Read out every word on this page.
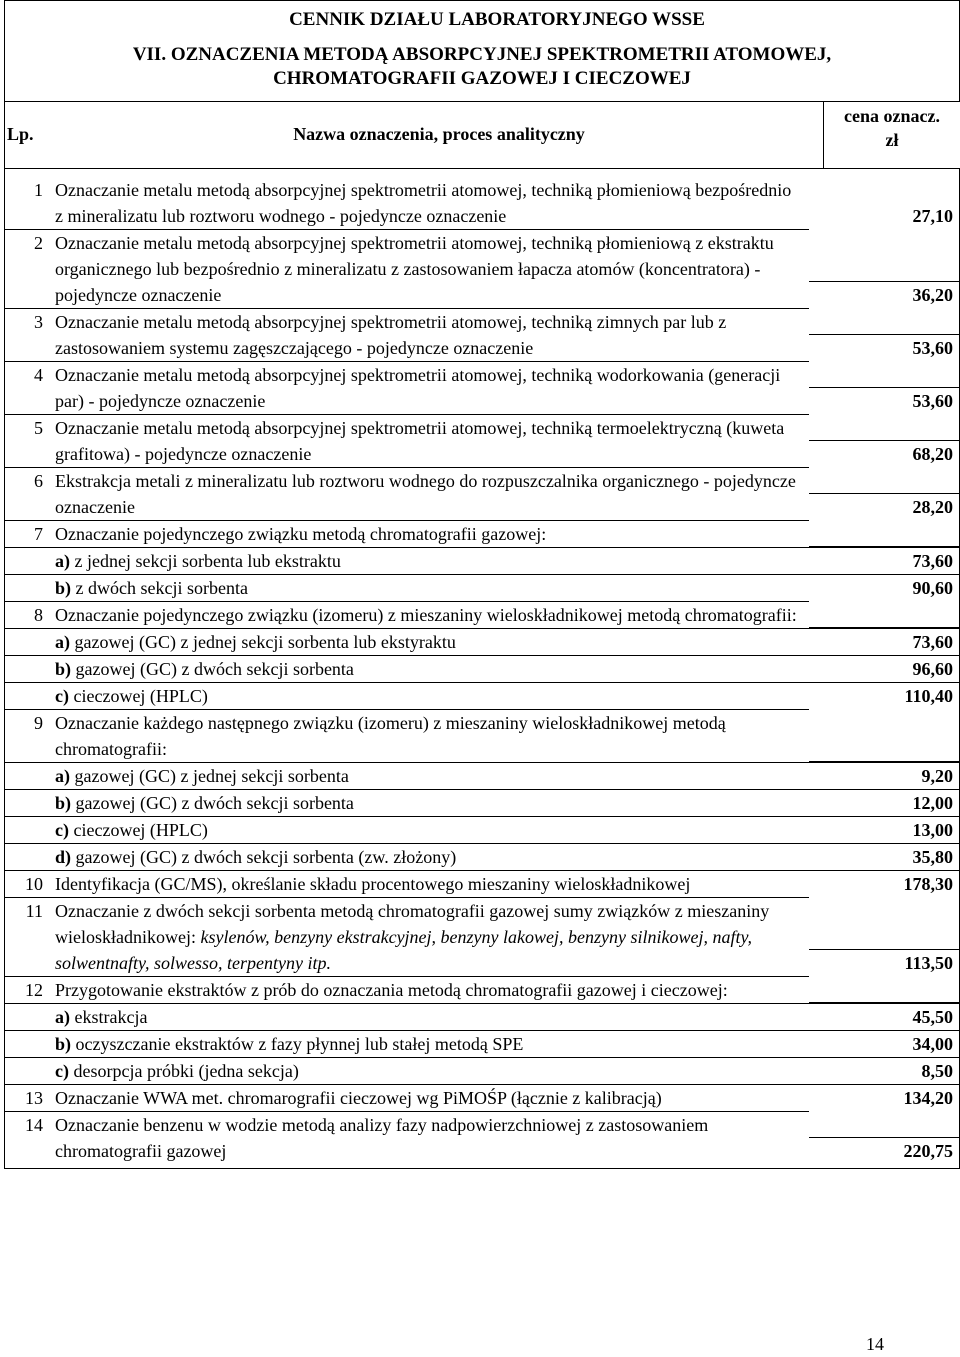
CENNIK DZIAŁU LABORATORYJNEGO WSSE
VII. OZNACZENIA METODĄ ABSORPCYJNEJ SPEKTROMETRII ATOMOWEJ,
CHROMATOGRAFII GAZOWEJ I CIECZOWEJ
Lp.	Nazwa oznaczenia, proces analityczny
cena oznacz.
zł
1 Oznaczanie metalu metodą absorpcyjnej spektrometrii atomowej, techniką płomieniową bezpośrednio z mineralizatu lub roztworu wodnego - pojedyncze oznaczenie	27,10
2 Oznaczanie metalu metodą absorpcyjnej spektrometrii atomowej, techniką płomieniową z ekstraktu organicznego lub bezpośrednio z mineralizatu z zastosowaniem łapacza atomów (koncentratora) - pojedyncze oznaczenie	36,20
3 Oznaczanie metalu metodą absorpcyjnej spektrometrii atomowej, techniką zimnych par lub z zastosowaniem systemu zagęszczającego - pojedyncze oznaczenie	53,60
4 Oznaczanie metalu metodą absorpcyjnej spektrometrii atomowej, techniką wodorkowania (generacji par) - pojedyncze oznaczenie	53,60
5 Oznaczanie metalu metodą absorpcyjnej spektrometrii atomowej, techniką termoelektryczną (kuweta grafitowa) - pojedyncze oznaczenie	68,20
6 Ekstrakcja metali z mineralizatu lub roztworu wodnego do rozpuszczalnika organicznego - pojedyncze oznaczenie	28,20
7 Oznaczanie pojedynczego związku metodą chromatografii gazowej:
a) z jednej sekcji sorbenta lub ekstraktu	73,60
b) z dwóch sekcji sorbenta	90,60
8 Oznaczanie pojedynczego związku (izomeru) z mieszaniny wieloskładnikowej metodą chromatografii:
a) gazowej (GC) z jednej sekcji sorbenta lub ekstyraktu	73,60
b) gazowej (GC) z dwóch sekcji sorbenta	96,60
c) cieczowej (HPLC)	110,40
9 Oznaczanie każdego następnego związku (izomeru) z mieszaniny wieloskładnikowej metodą chromatografii:
a) gazowej (GC) z jednej sekcji sorbenta	9,20
b) gazowej (GC) z dwóch sekcji sorbenta	12,00
c) cieczowej (HPLC)	13,00
d) gazowej (GC) z dwóch sekcji sorbenta (zw. złożony)	35,80
10 Identyfikacja (GC/MS), określanie składu procentowego mieszaniny wieloskładnikowej	178,30
11 Oznaczanie z dwóch sekcji sorbenta metodą chromatografii gazowej sumy związków z mieszaniny wieloskładnikowej: ksylenów, benzyny ekstrakcyjnej, benzyny lakowej, benzyny silnikowej, nafty, solwentnafty, solwesso, terpentyny itp.	113,50
12 Przygotowanie ekstraktów z prób do oznaczania metodą chromatografii gazowej i cieczowej:
a) ekstrakcja	45,50
b) oczyszczanie ekstraktów z fazy płynnej lub stałej metodą SPE	34,00
c) desorpcja próbki (jedna sekcja)	8,50
13 Oznaczanie WWA met. chromarografii cieczowej wg PiMOŚP (łącznie z kalibracją)	134,20
14 Oznaczanie benzenu w wodzie metodą analizy fazy nadpowierzchniowej z zastosowaniem chromatografii gazowej	220,75
14
